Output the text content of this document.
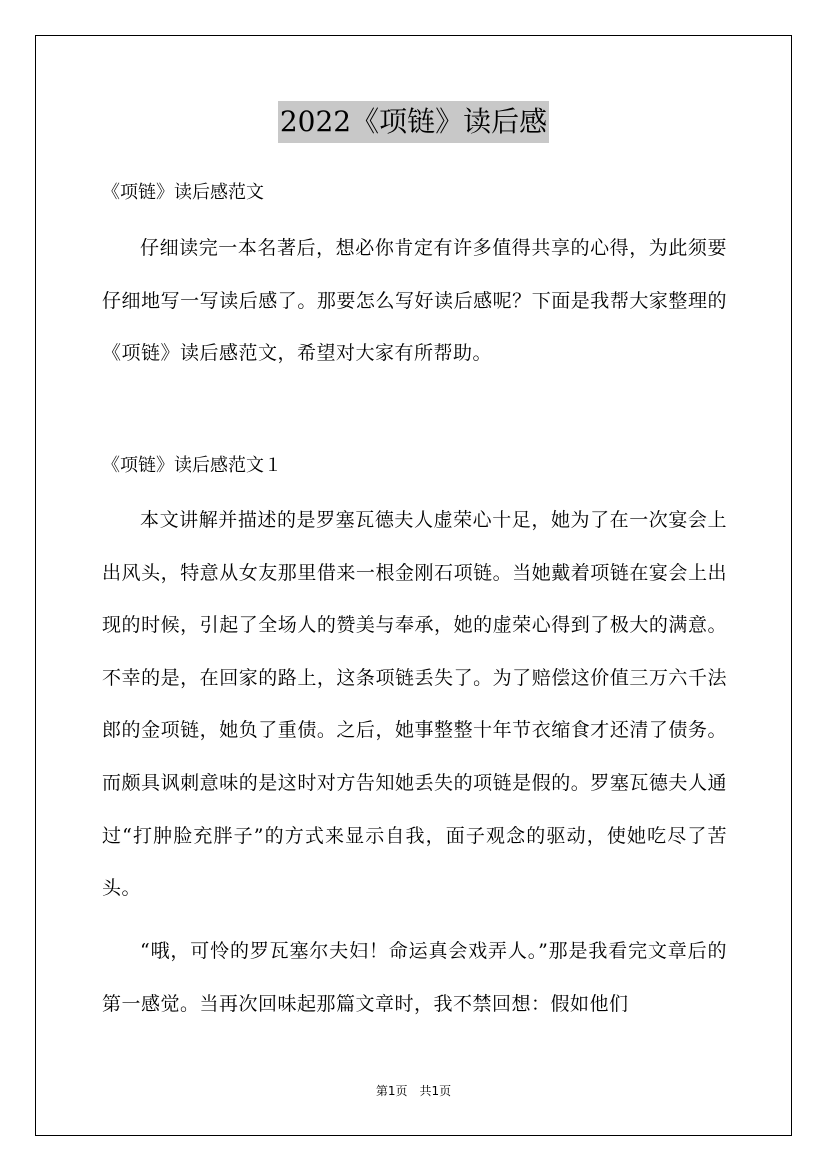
2022《项链》读后感

《项链》读后感范文

仔细读完一本名著后，想必你肯定有许多值得共享的心得，为此须要仔细地写一写读后感了。那要怎么写好读后感呢？下面是我帮大家整理的《项链》读后感范文，希望对大家有所帮助。

《项链》读后感范文１

本文讲解并描述的是罗塞瓦德夫人虚荣心十足，她为了在一次宴会上出风头，特意从女友那里借来一根金刚石项链。当她戴着项链在宴会上出现的时候，引起了全场人的赞美与奉承，她的虚荣心得到了极大的满意。不幸的是，在回家的路上，这条项链丢失了。为了赔偿这价值三万六千法郎的金项链，她负了重债。之后，她事整整十年节衣缩食才还清了债务。而颇具讽刺意味的是这时对方告知她丢失的项链是假的。罗塞瓦德夫人通过“打肿脸充胖子”的方式来显示自我，面子观念的驱动，使她吃尽了苦头。

“哦，可怜的罗瓦塞尔夫妇！命运真会戏弄人。”那是我看完文章后的第一感觉。当再次回味起那篇文章时，我不禁回想：假如他们

第1页　共1页
